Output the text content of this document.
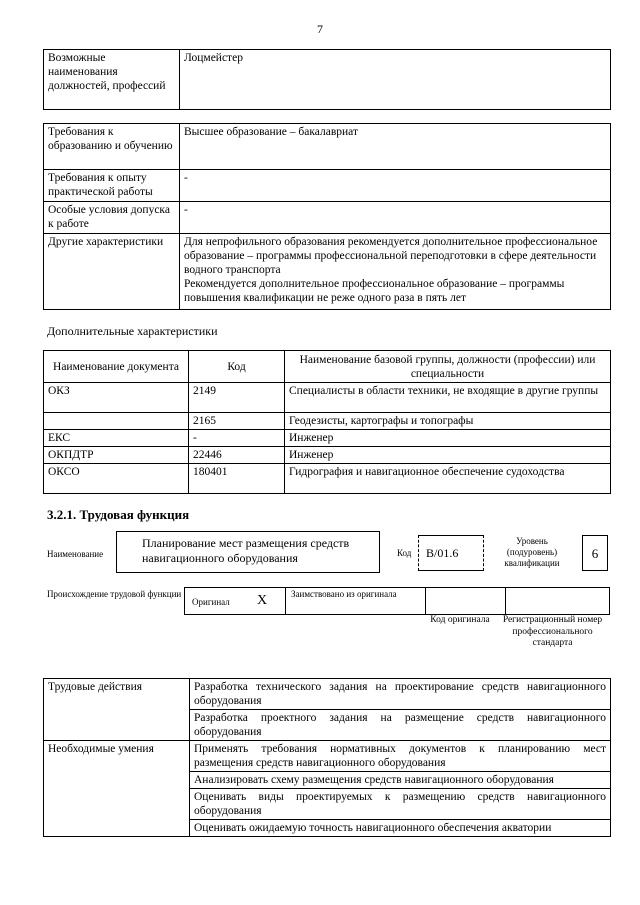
7
Возможные наименования должностей, профессий	Лоцмейстер
Требования к образованию и обучению	Высшее образование – бакалавриат
Требования к опыту практической работы	-
Особые условия допуска к работе	-
Другие характеристики	Для непрофильного образования рекомендуется дополнительное профессиональное образование – программы профессиональной переподготовки в сфере деятельности водного транспорта
Рекомендуется дополнительное профессиональное образование – программы повышения квалификации не реже одного раза в пять лет
Дополнительные характеристики
Наименование документа	Код	Наименование базовой группы, должности (профессии) или специальности
ОКЗ	2149	Специалисты в области техники, не входящие в другие группы
	2165	Геодезисты, картографы и топографы
ЕКС	-	Инженер
ОКПДТР	22446	Инженер
ОКСО	180401	Гидрография и навигационное обеспечение судоходства
3.2.1. Трудовая функция
Наименование
Планирование мест размещения средств навигационного оборудования	Код В/01.6
Уровень (подуровень) квалификации
6
Происхождение трудовой функции
Оригинал X	Заимствовано из оригинала
Код оригинала	Регистрационный номер профессионального стандарта
Трудовые действия	Разработка технического задания на проектирование средств навигационного оборудования
	Разработка проектного задания на размещение средств навигационного оборудования
Необходимые умения	Применять требования нормативных документов к планированию мест размещения средств навигационного оборудования
	Анализировать схему размещения средств навигационного оборудования
	Оценивать виды проектируемых к размещению средств навигационного оборудования
	Оценивать ожидаемую точность навигационного обеспечения акватории
